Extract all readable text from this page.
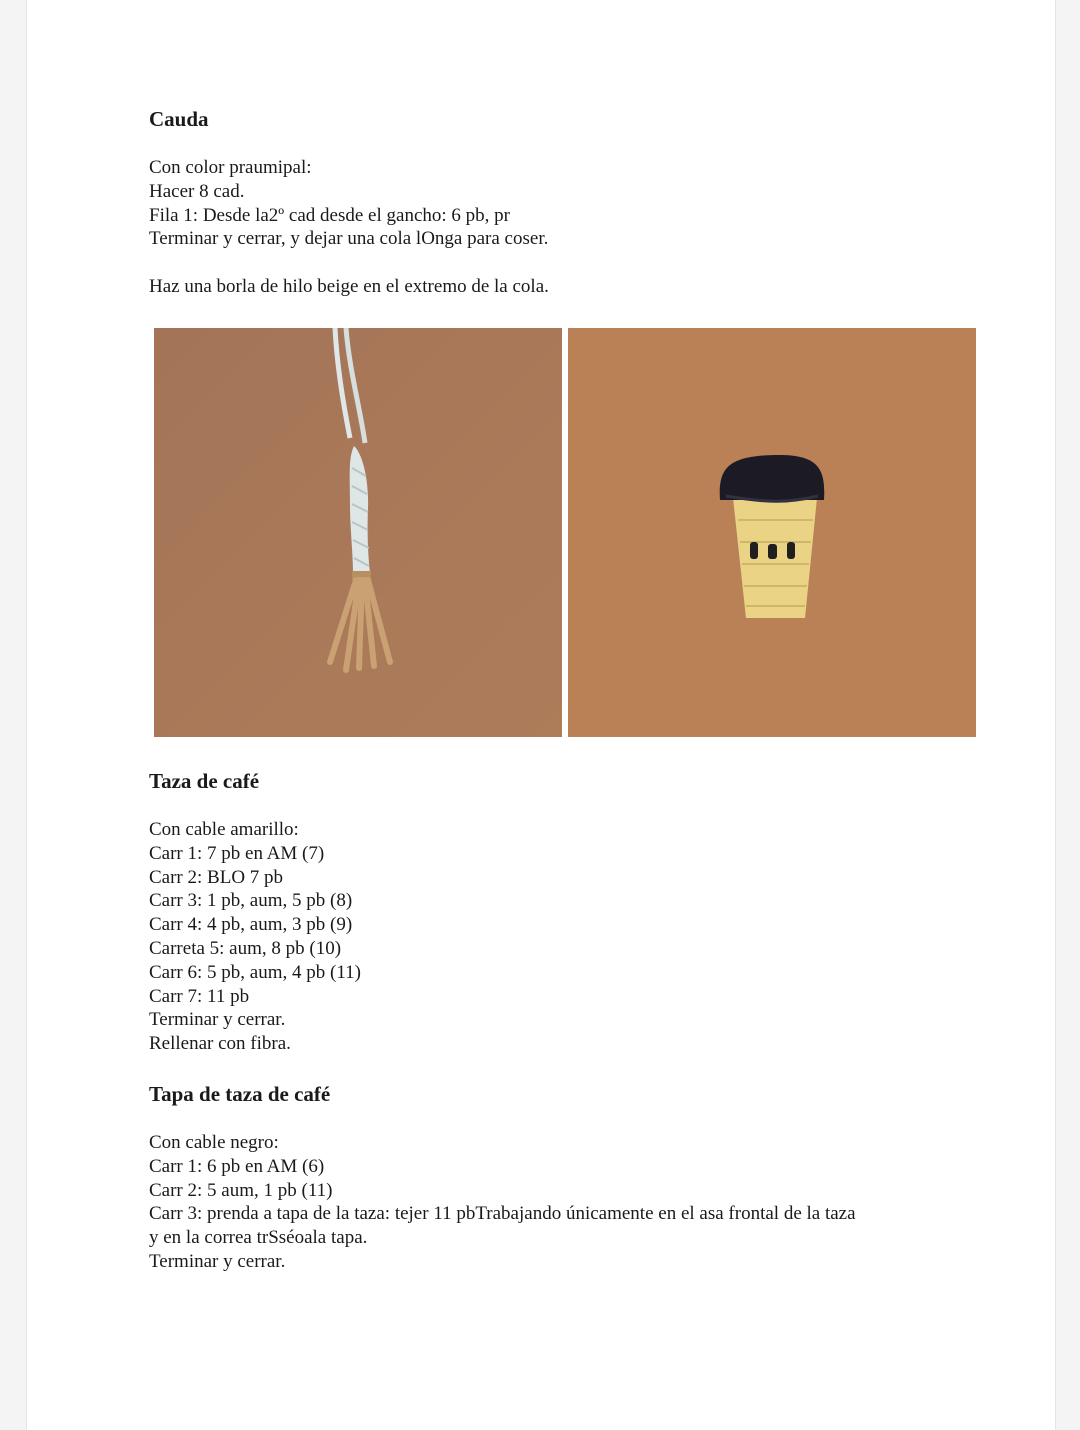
Cauda
Con color praumipal:
Hacer 8 cad.
Fila 1: Desde la2º cad desde el gancho: 6 pb, pr
Terminar y cerrar, y dejar una cola lOnga para coser.
Haz una borla de hilo beige en el extremo de la cola.
Taza de café
Con cable amarillo:
Carr 1: 7 pb en AM (7)
Carr 2: BLO 7 pb
Carr 3: 1 pb, aum, 5 pb (8)
Carr 4: 4 pb, aum, 3 pb (9)
Carreta 5: aum, 8 pb (10)
Carr 6: 5 pb, aum, 4 pb (11)
Carr 7: 11 pb
Terminar y cerrar.
Rellenar con fibra.
Tapa de taza de café
Con cable negro:
Carr 1: 6 pb en AM (6)
Carr 2: 5 aum, 1 pb (11)
Carr 3: prenda a tapa de la taza: tejer 11 pbTrabajando únicamente en el asa frontal de la taza
y en la correa trSséoala tapa.
Terminar y cerrar.
